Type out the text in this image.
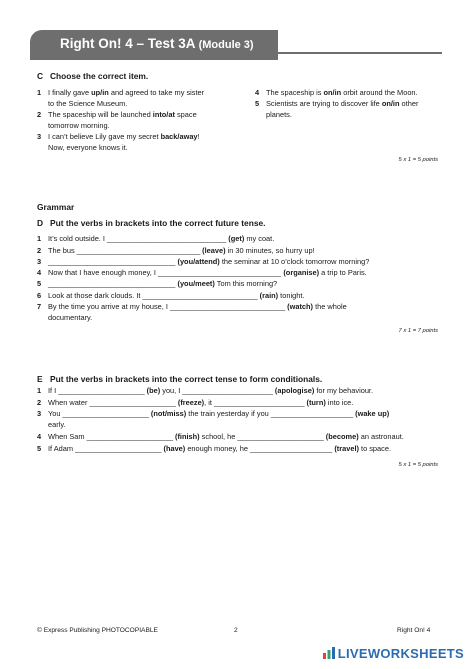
Right On! 4 – Test 3A (Module 3)
C Choose the correct item.
1 I finally gave up/in and agreed to take my sister
to the Science Museum.
2 The spaceship will be launched into/at space
tomorrow morning.
3 I can’t believe Lily gave my secret back/away!
Now, everyone knows it.
4 The spaceship is on/in orbit around the Moon.
5 Scientists are trying to discover life on/in other
planets.
5 x 1 = 5 points
Grammar
D Put the verbs in brackets into the correct future tense.
1 It’s cold outside. I _____________________________ (get) my coat.
2 The bus ______________________________ (leave) in 30 minutes, so hurry up!
3 _______________________________ (you/attend) the seminar at 10 o’clock tomorrow morning?
4 Now that I have enough money, I ______________________________ (organise) a trip to Paris.
5 _______________________________ (you/meet) Tom this morning?
6 Look at those dark clouds. It ____________________________ (rain) tonight.
7 By the time you arrive at my house, I ____________________________ (watch) the whole
documentary.
7 x 1 = 7 points
E Put the verbs in brackets into the correct tense to form conditionals.
1 If I _____________________ (be) you, I ______________________ (apologise) for my behaviour.
2 When water _____________________ (freeze), it ______________________ (turn) into ice.
3 You _____________________ (not/miss) the train yesterday if you ____________________ (wake up)
early.
4 When Sam _____________________ (finish) school, he _____________________ (become) an astronaut.
5 If Adam _____________________ (have) enough money, he ____________________ (travel) to space.
5 x 1 = 5 points
© Express Publishing PHOTOCOPIABLE	2	Right On! 4
LIVEWORKSHEETS
